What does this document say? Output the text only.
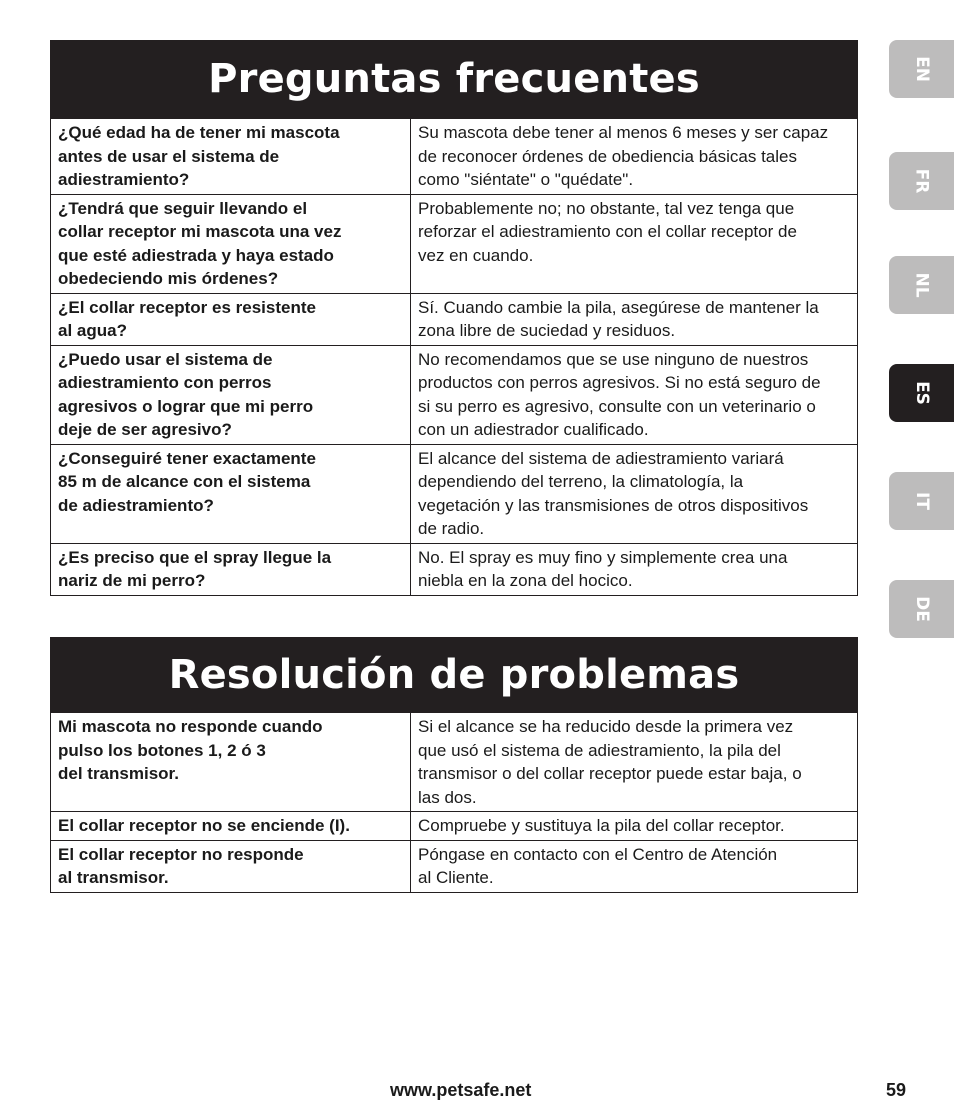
Preguntas frecuentes
¿Qué edad ha de tener mi mascota
antes de usar el sistema de
adiestramiento?	Su mascota debe tener al menos 6 meses y ser capaz
de reconocer órdenes de obediencia básicas tales
como "siéntate" o "quédate".

¿Tendrá que seguir llevando el
collar receptor mi mascota una vez
que esté adiestrada y haya estado
obedeciendo mis órdenes?	Probablemente no; no obstante, tal vez tenga que
reforzar el adiestramiento con el collar receptor de
vez en cuando.

¿El collar receptor es resistente
al agua?	Sí. Cuando cambie la pila, asegúrese de mantener la
zona libre de suciedad y residuos.

¿Puedo usar el sistema de
adiestramiento con perros
agresivos o lograr que mi perro
deje de ser agresivo?	No recomendamos que se use ninguno de nuestros
productos con perros agresivos. Si no está seguro de
si su perro es agresivo, consulte con un veterinario o
con un adiestrador cualificado.

¿Conseguiré tener exactamente
85 m de alcance con el sistema
de adiestramiento?	El alcance del sistema de adiestramiento variará
dependiendo del terreno, la climatología, la
vegetación y las transmisiones de otros dispositivos
de radio.

¿Es preciso que el spray llegue la
nariz de mi perro?	No. El spray es muy fino y simplemente crea una
niebla en la zona del hocico.
Resolución de problemas
Mi mascota no responde cuando
pulso los botones 1, 2 ó 3
del transmisor.	Si el alcance se ha reducido desde la primera vez
que usó el sistema de adiestramiento, la pila del
transmisor o del collar receptor puede estar baja, o
las dos.

El collar receptor no se enciende (I).	Compruebe y sustituya la pila del collar receptor.

El collar receptor no responde
al transmisor.	Póngase en contacto con el Centro de Atención
al Cliente.
EN
FR
NL
ES
IT
DE
www.petsafe.net	59
